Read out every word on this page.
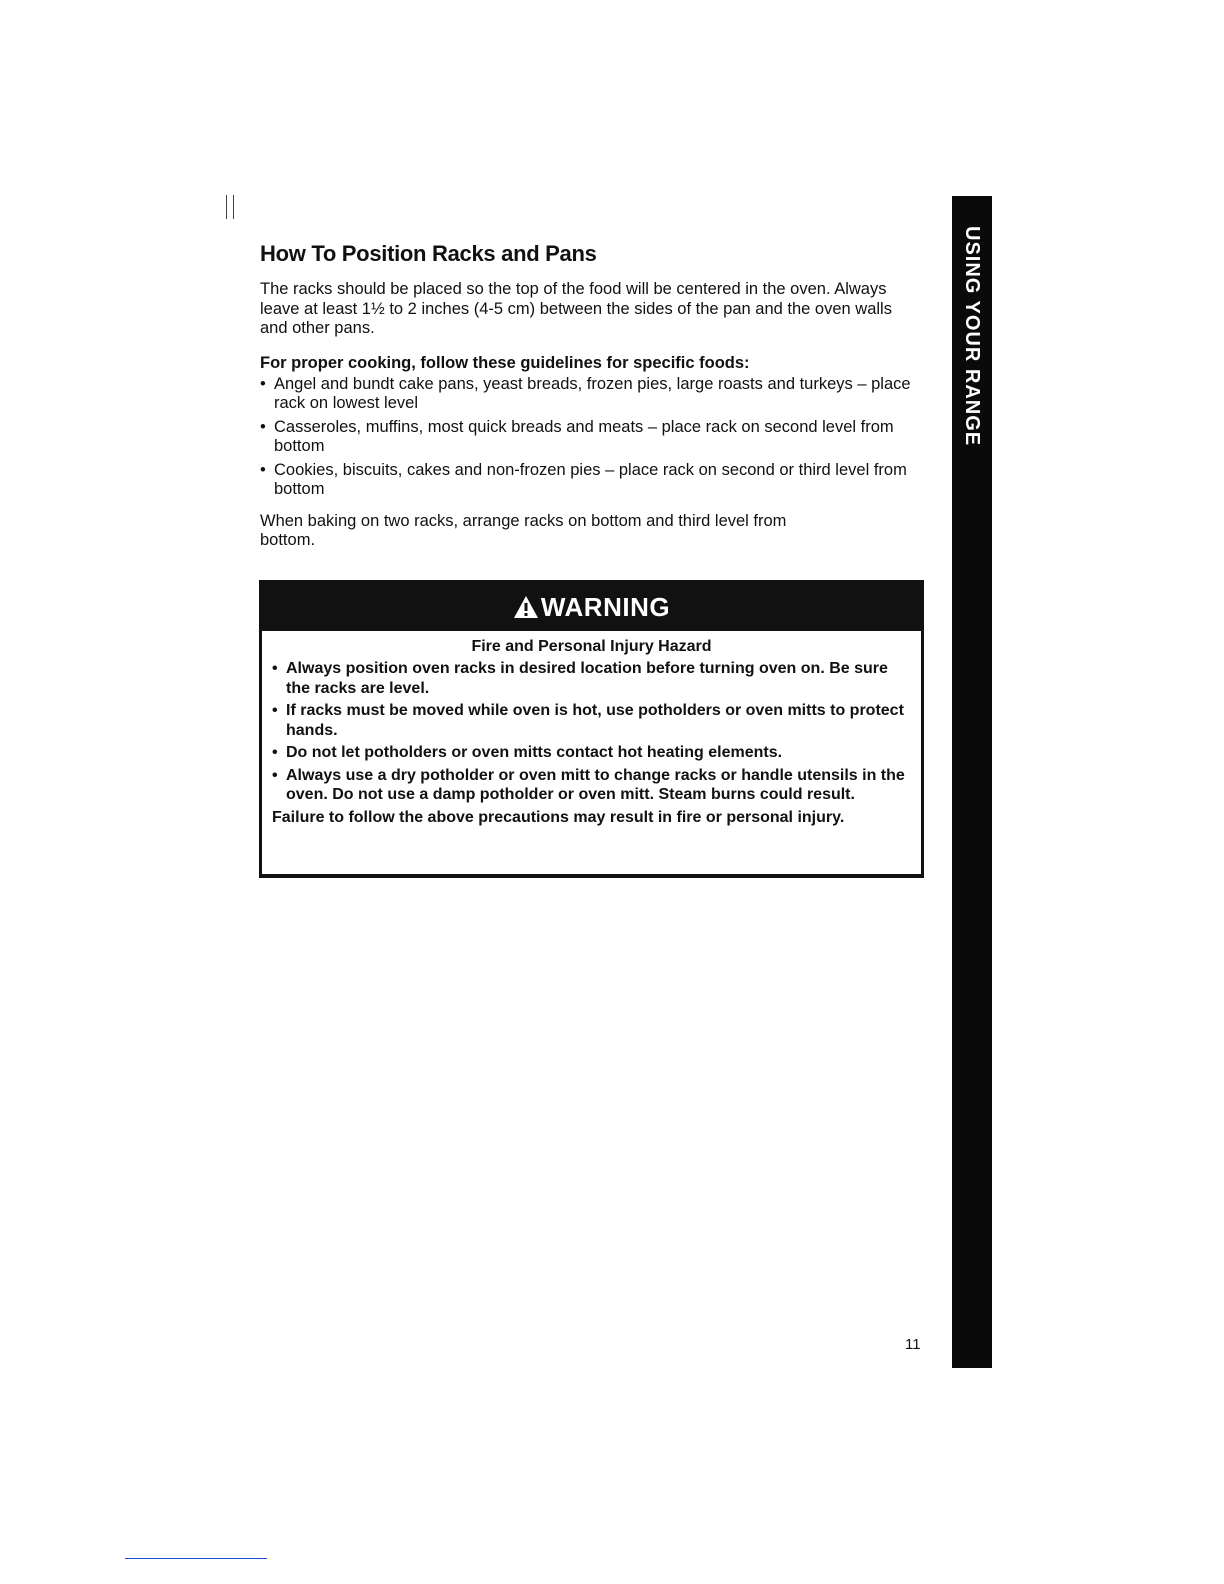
How To Position Racks and Pans

The racks should be placed so the top of the food will be centered in the oven. Always leave at least 1½ to 2 inches (4-5 cm) between the sides of the pan and the oven walls and other pans.

For proper cooking, follow these guidelines for specific foods:

• Angel and bundt cake pans, yeast breads, frozen pies, large roasts and turkeys – place rack on lowest level
• Casseroles, muffins, most quick breads and meats – place rack on second level from bottom
• Cookies, biscuits, cakes and non-frozen pies – place rack on second or third level from bottom

When baking on two racks, arrange racks on bottom and third level from bottom.

WARNING

Fire and Personal Injury Hazard

• Always position oven racks in desired location before turning oven on. Be sure the racks are level.
• If racks must be moved while oven is hot, use potholders or oven mitts to protect hands.
• Do not let potholders or oven mitts contact hot heating elements.
• Always use a dry potholder or oven mitt to change racks or handle utensils in the oven. Do not use a damp potholder or oven mitt. Steam burns could result.

Failure to follow the above precautions may result in fire or personal injury.

USING YOUR RANGE
11
